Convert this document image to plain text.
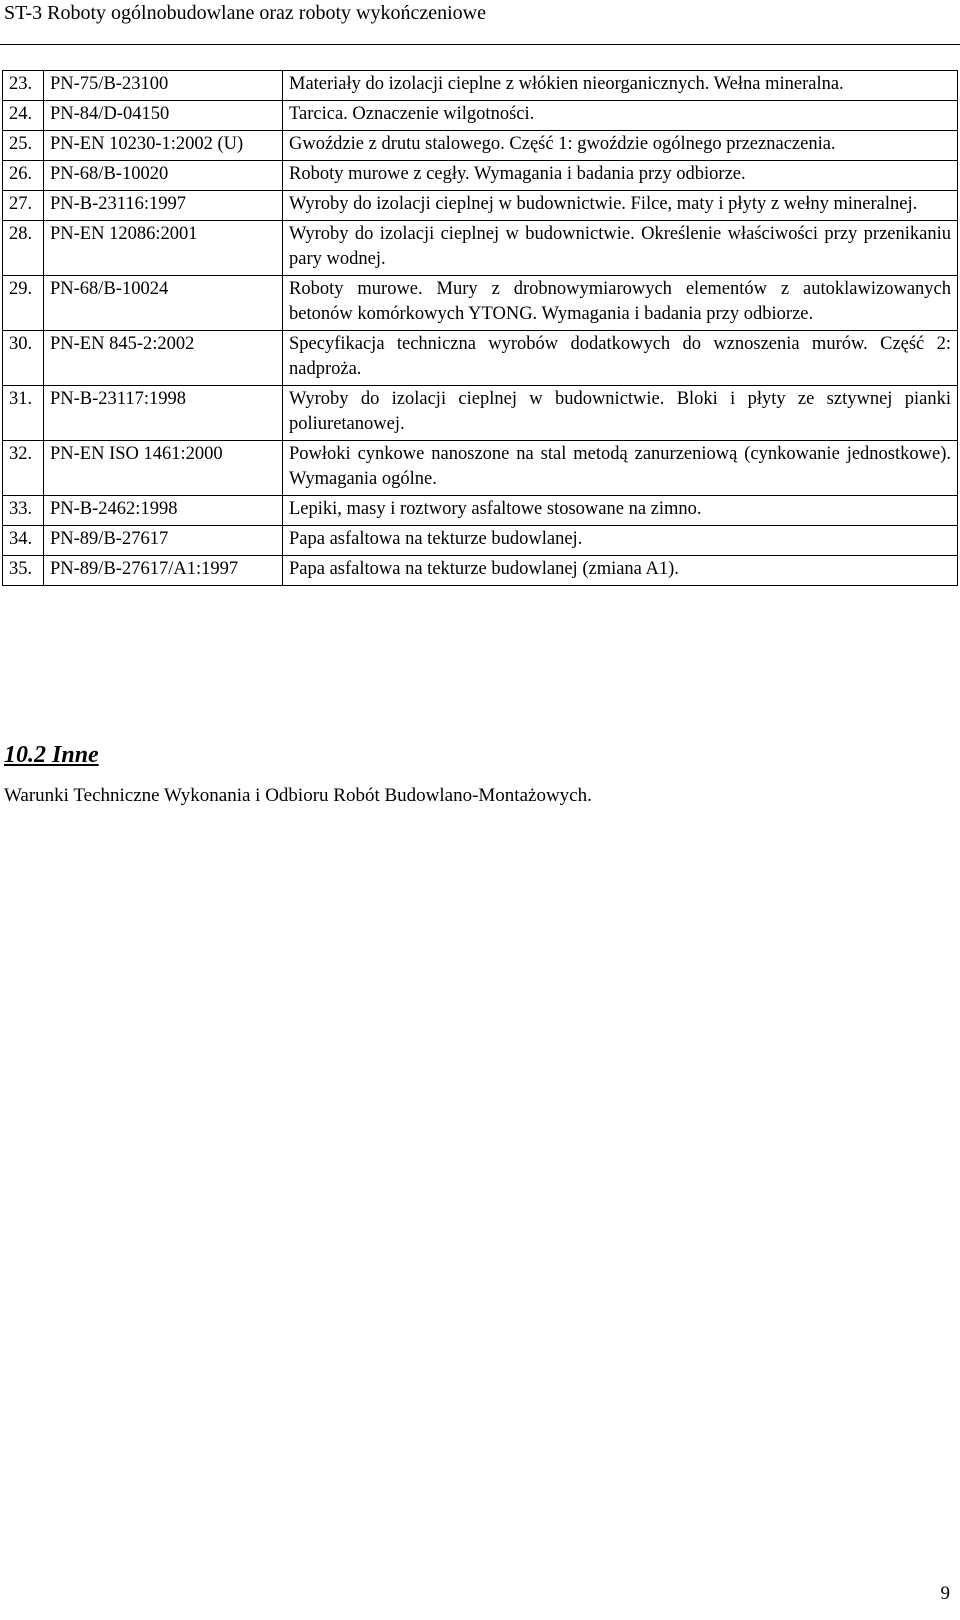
ST-3 Roboty ogólnobudowlane oraz roboty wykończeniowe
23.	PN-75/B-23100	Materiały do izolacji cieplne z włókien nieorganicznych. Wełna mineralna.
24.	PN-84/D-04150	Tarcica. Oznaczenie wilgotności.
25.	PN-EN 10230-1:2002 (U)	Gwoździe z drutu stalowego. Część 1: gwoździe ogólnego przeznaczenia.
26.	PN-68/B-10020	Roboty murowe z cegły. Wymagania i badania przy odbiorze.
27.	PN-B-23116:1997	Wyroby do izolacji cieplnej w budownictwie. Filce, maty i płyty z wełny mineralnej.
28.	PN-EN 12086:2001	Wyroby do izolacji cieplnej w budownictwie. Określenie właściwości przy przenikaniu pary wodnej.
29.	PN-68/B-10024	Roboty murowe. Mury z drobnowymiarowych elementów z autoklawizowanych betonów komórkowych YTONG. Wymagania i badania przy odbiorze.
30.	PN-EN 845-2:2002	Specyfikacja techniczna wyrobów dodatkowych do wznoszenia murów. Część 2: nadproża.
31.	PN-B-23117:1998	Wyroby do izolacji cieplnej w budownictwie. Bloki i płyty ze sztywnej pianki poliuretanowej.
32.	PN-EN ISO 1461:2000	Powłoki cynkowe nanoszone na stal metodą zanurzeniową (cynkowanie jednostkowe). Wymagania ogólne.
33.	PN-B-2462:1998	Lepiki, masy i roztwory asfaltowe stosowane na zimno.
34.	PN-89/B-27617	Papa asfaltowa na tekturze budowlanej.
35.	PN-89/B-27617/A1:1997	Papa asfaltowa na tekturze budowlanej (zmiana A1).
10.2 Inne
Warunki Techniczne Wykonania i Odbioru Robót Budowlano-Montażowych.
9
